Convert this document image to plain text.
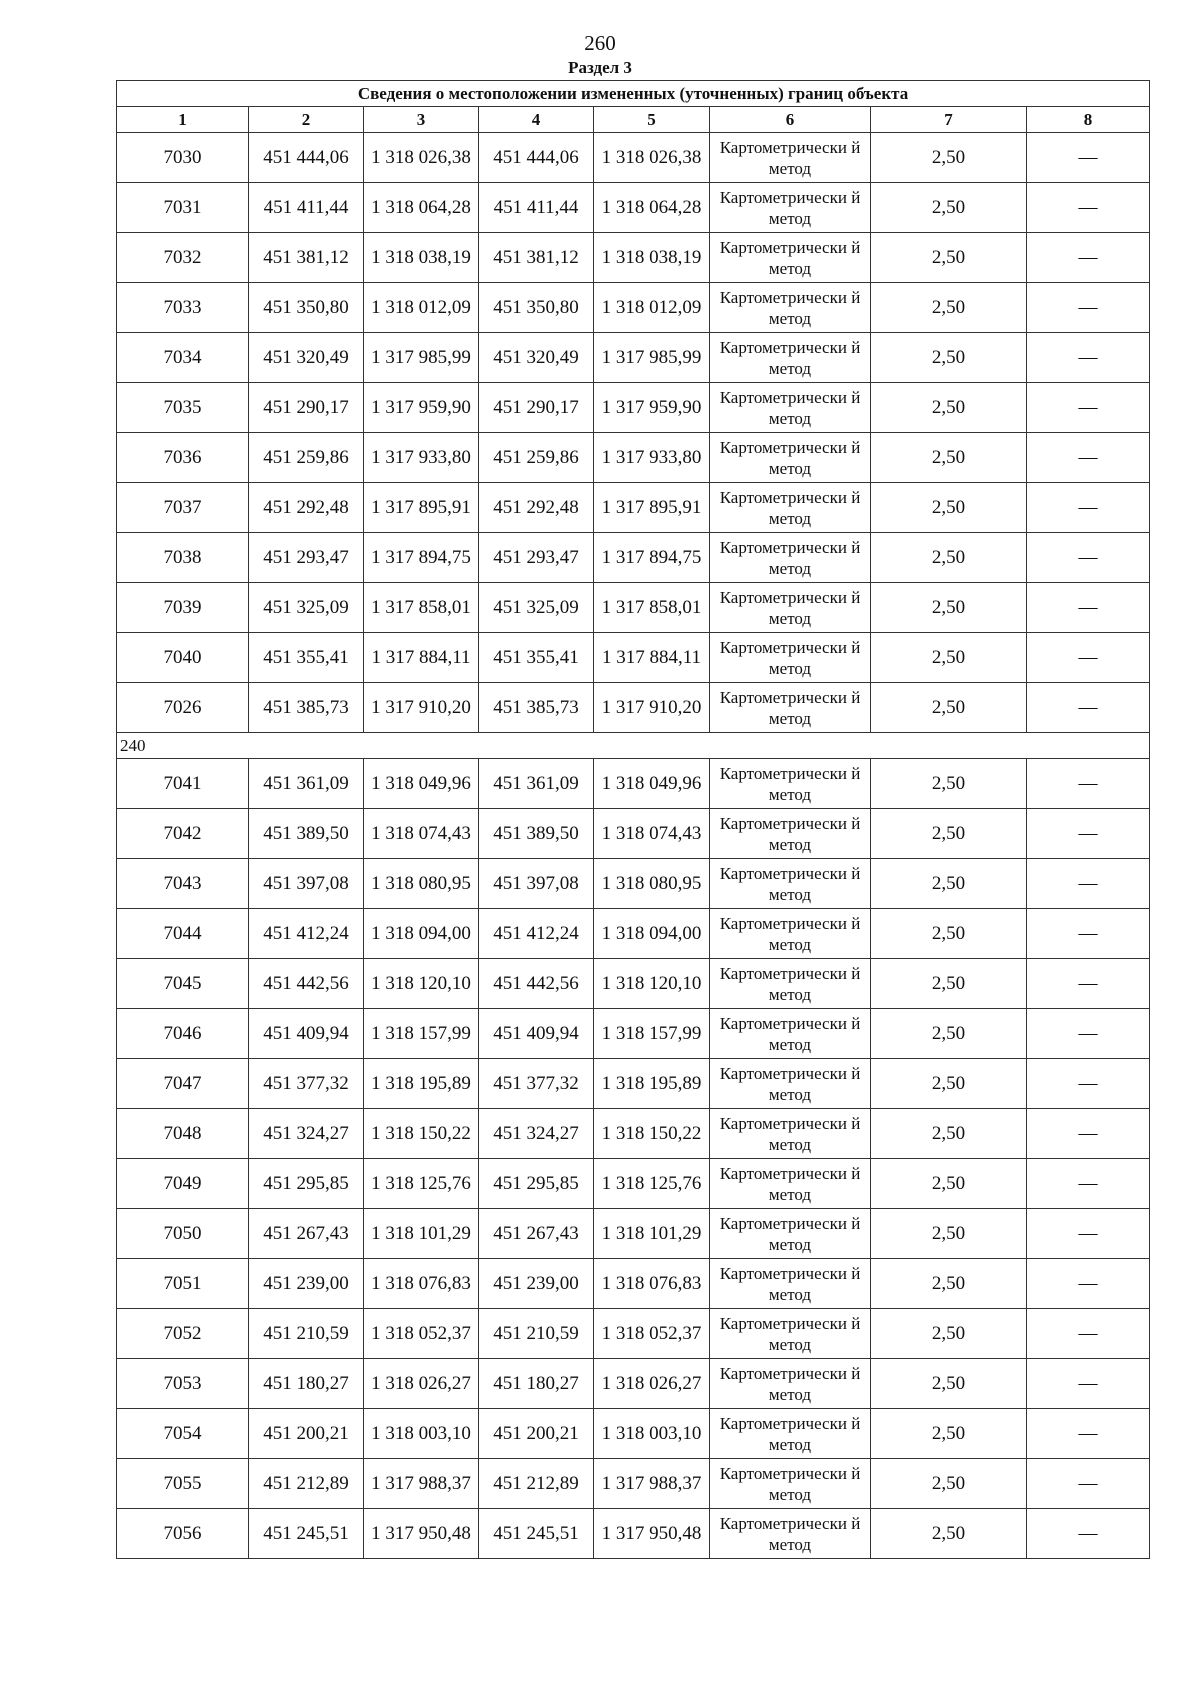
260
Раздел 3
Сведения о местоположении измененных (уточненных) границ объекта							
1	2	3	4	5	6	7	8
7030	451 444,06	1 318 026,38	451 444,06	1 318 026,38	Картометрически й метод	2,50	—
7031	451 411,44	1 318 064,28	451 411,44	1 318 064,28	Картометрически й метод	2,50	—
7032	451 381,12	1 318 038,19	451 381,12	1 318 038,19	Картометрически й метод	2,50	—
7033	451 350,80	1 318 012,09	451 350,80	1 318 012,09	Картометрически й метод	2,50	—
7034	451 320,49	1 317 985,99	451 320,49	1 317 985,99	Картометрически й метод	2,50	—
7035	451 290,17	1 317 959,90	451 290,17	1 317 959,90	Картометрически й метод	2,50	—
7036	451 259,86	1 317 933,80	451 259,86	1 317 933,80	Картометрически й метод	2,50	—
7037	451 292,48	1 317 895,91	451 292,48	1 317 895,91	Картометрически й метод	2,50	—
7038	451 293,47	1 317 894,75	451 293,47	1 317 894,75	Картометрически й метод	2,50	—
7039	451 325,09	1 317 858,01	451 325,09	1 317 858,01	Картометрически й метод	2,50	—
7040	451 355,41	1 317 884,11	451 355,41	1 317 884,11	Картометрически й метод	2,50	—
7026	451 385,73	1 317 910,20	451 385,73	1 317 910,20	Картометрически й метод	2,50	—
240							
7041	451 361,09	1 318 049,96	451 361,09	1 318 049,96	Картометрически й метод	2,50	—
7042	451 389,50	1 318 074,43	451 389,50	1 318 074,43	Картометрически й метод	2,50	—
7043	451 397,08	1 318 080,95	451 397,08	1 318 080,95	Картометрически й метод	2,50	—
7044	451 412,24	1 318 094,00	451 412,24	1 318 094,00	Картометрически й метод	2,50	—
7045	451 442,56	1 318 120,10	451 442,56	1 318 120,10	Картометрически й метод	2,50	—
7046	451 409,94	1 318 157,99	451 409,94	1 318 157,99	Картометрически й метод	2,50	—
7047	451 377,32	1 318 195,89	451 377,32	1 318 195,89	Картометрически й метод	2,50	—
7048	451 324,27	1 318 150,22	451 324,27	1 318 150,22	Картометрически й метод	2,50	—
7049	451 295,85	1 318 125,76	451 295,85	1 318 125,76	Картометрически й метод	2,50	—
7050	451 267,43	1 318 101,29	451 267,43	1 318 101,29	Картометрически й метод	2,50	—
7051	451 239,00	1 318 076,83	451 239,00	1 318 076,83	Картометрически й метод	2,50	—
7052	451 210,59	1 318 052,37	451 210,59	1 318 052,37	Картометрически й метод	2,50	—
7053	451 180,27	1 318 026,27	451 180,27	1 318 026,27	Картометрически й метод	2,50	—
7054	451 200,21	1 318 003,10	451 200,21	1 318 003,10	Картометрически й метод	2,50	—
7055	451 212,89	1 317 988,37	451 212,89	1 317 988,37	Картометрически й метод	2,50	—
7056	451 245,51	1 317 950,48	451 245,51	1 317 950,48	Картометрически й метод	2,50	—
